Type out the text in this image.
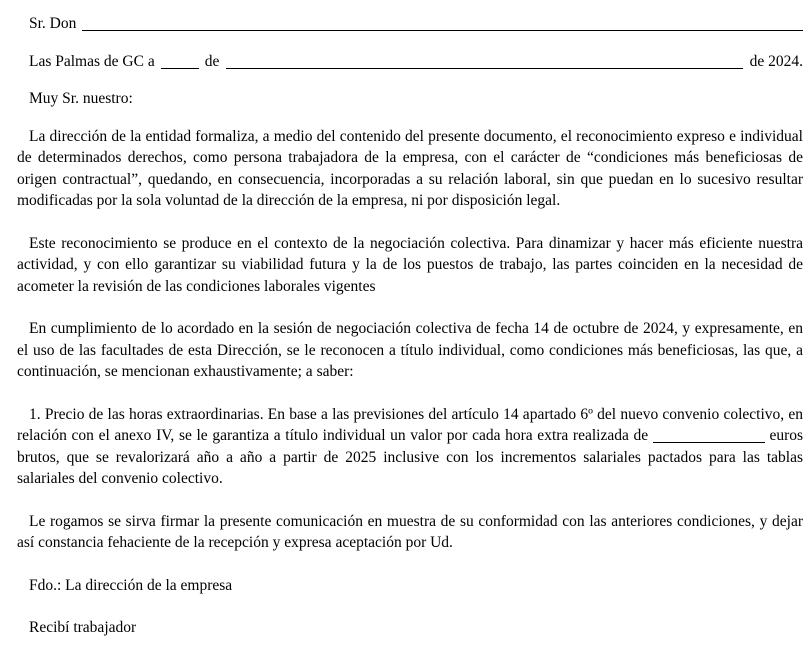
Sr. Don
Las Palmas de GC a	de	de 2024.

Muy Sr. nuestro:

La dirección de la entidad formaliza, a medio del contenido del presente documento, el reconocimiento expreso e individual de determinados derechos, como persona trabajadora de la empresa, con el carácter de “condiciones más beneficiosas de origen contractual”, quedando, en consecuencia, incorporadas a su relación laboral, sin que puedan en lo sucesivo resultar modificadas por la sola voluntad de la dirección de la empresa, ni por disposición legal.

Este reconocimiento se produce en el contexto de la negociación colectiva. Para dinamizar y hacer más eficiente nuestra actividad, y con ello garantizar su viabilidad futura y la de los puestos de trabajo, las partes coinciden en la necesidad de acometer la revisión de las condiciones laborales vigentes

En cumplimiento de lo acordado en la sesión de negociación colectiva de fecha 14 de octubre de 2024, y expresamente, en el uso de las facultades de esta Dirección, se le reconocen a título individual, como condiciones más beneficiosas, las que, a continuación, se mencionan exhaustivamente; a saber:

1. Precio de las horas extraordinarias. En base a las previsiones del artículo 14 apartado 6º del nuevo convenio colectivo, en relación con el anexo IV, se le garantiza a título individual un valor por cada hora extra realizada de	euros brutos, que se revalorizará año a año a partir de 2025 inclusive con los incrementos salariales pactados para las tablas salariales del convenio colectivo.

Le rogamos se sirva firmar la presente comunicación en muestra de su conformidad con las anteriores condiciones, y dejar así constancia fehaciente de la recepción y expresa aceptación por Ud.

Fdo.: La dirección de la empresa

Recibí trabajador
